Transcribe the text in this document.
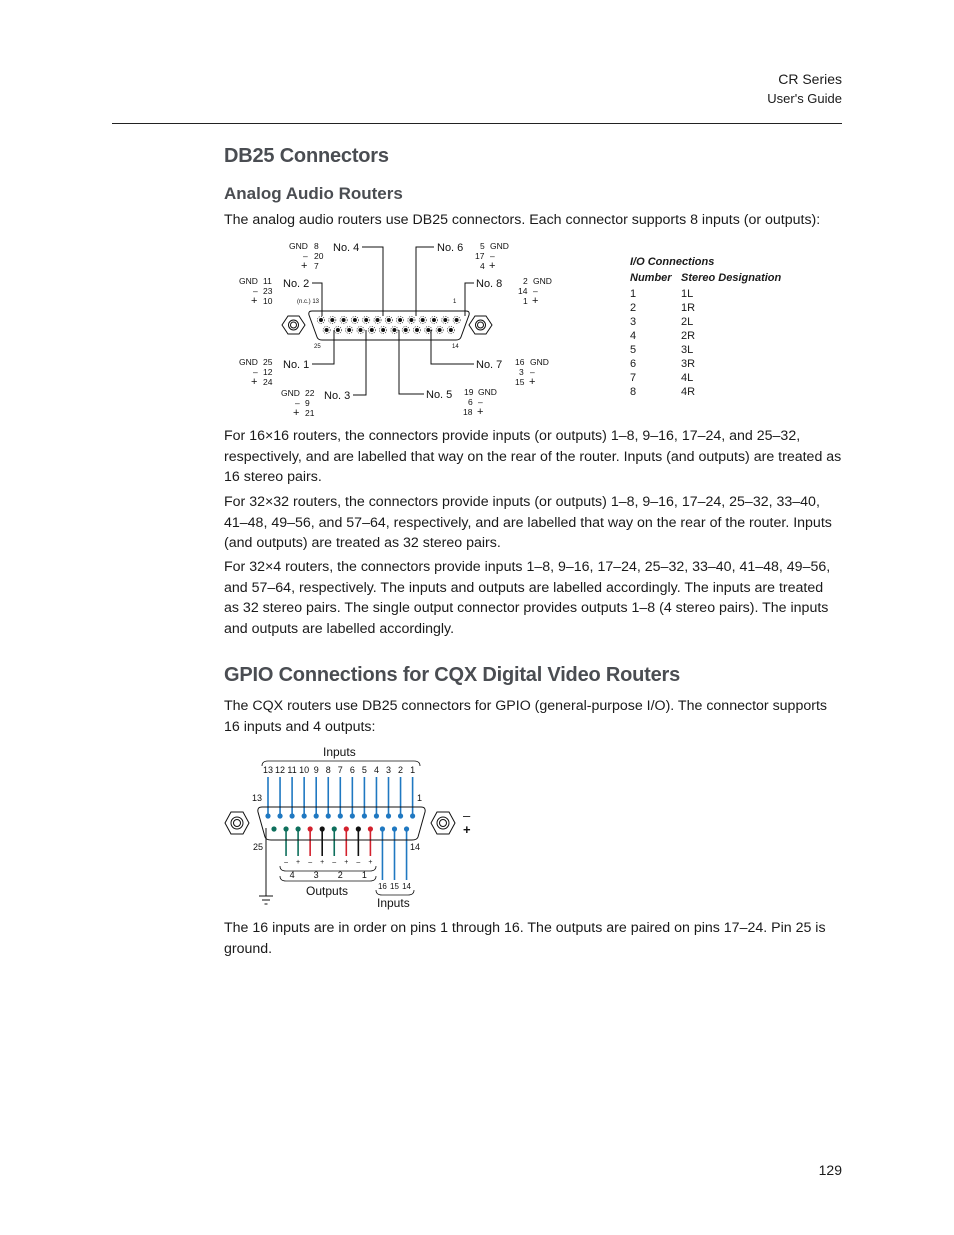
CR Series
User's Guide
DB25 Connectors
Analog Audio Routers

The analog audio routers use DB25 connectors. Each connector supports 8 inputs (or outputs):

GND 8
– 20
+ 7
5 GND
17 –
4 +
GND 11
– 23
+ 10
2 GND
14 –
1 +
GND 25
– 12
+ 24
16 GND
3 –
15 +
GND 22
– 9
+ 21
19 GND
6 –
18 +
No. 4	No. 6
No. 2	No. 8
No. 1	No. 7
No. 3	No. 5
(n.c.) 13	1
25	14
I/O Connections
Number Stereo Designation
1	1L
2	1R
3	2L
4	2R
5	3L
6	3R
7	4L
8	4R

For 16×16 routers, the connectors provide inputs (or outputs) 1–8, 9–16, 17–24, and 25–32, respectively, and are labelled that way on the rear of the router. Inputs (and outputs) are treated as 16 stereo pairs.

For 32×32 routers, the connectors provide inputs (or outputs) 1–8, 9–16, 17–24, 25–32, 33–40, 41–48, 49–56, and 57–64, respectively, and are labelled that way on the rear of the router. Inputs (and outputs) are treated as 32 stereo pairs.

For 32×4 routers, the connectors provide inputs 1–8, 9–16, 17–24, 25–32, 33–40, 41–48, 49–56, and 57–64, respectively. The inputs and outputs are labelled accordingly. The inputs are treated as 32 stereo pairs. The single output connector provides outputs 1–8 (4 stereo pairs). The inputs and outputs are labelled accordingly.

GPIO Connections for CQX Digital Video Routers

The CQX routers use DB25 connectors for GPIO (general-purpose I/O). The connector supports 16 inputs and 4 outputs:

Inputs
13 12 11 10 9 8 7 6 5 4 3 2 1
13	1
25	14
–
+
– + – + – + – +
4 3 2 1
Outputs	16 15 14
Inputs

The 16 inputs are in order on pins 1 through 16. The outputs are paired on pins 17–24. Pin 25 is ground.

129
